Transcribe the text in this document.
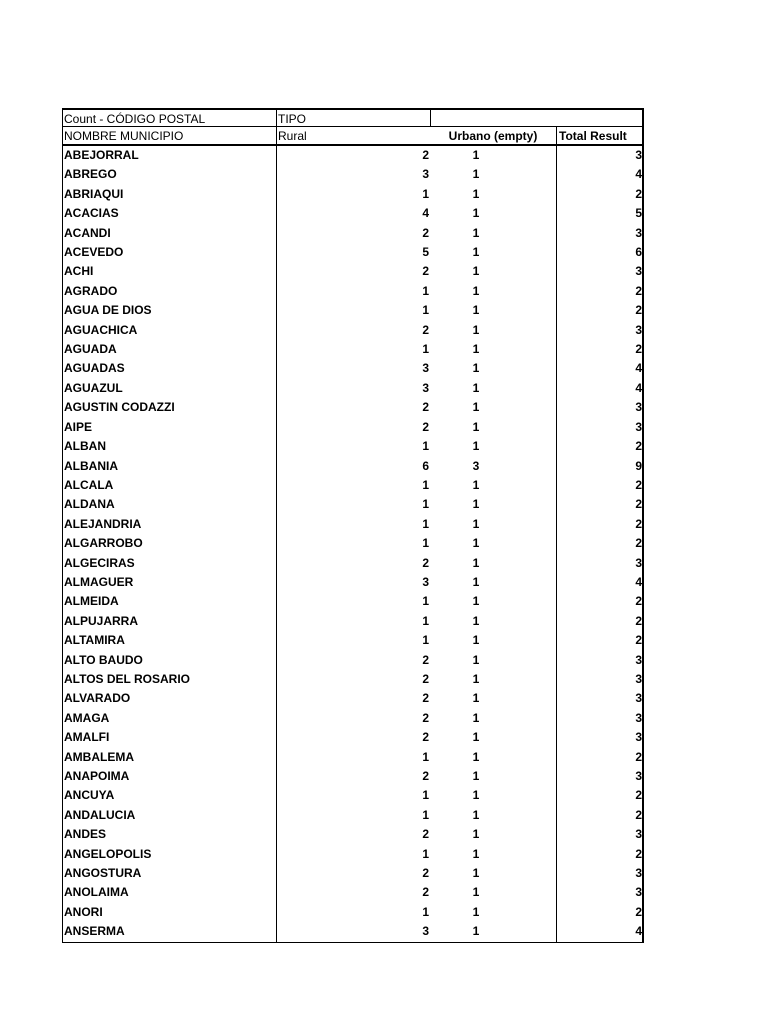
Count - CÓDIGO POSTAL	TIPO
NOMBRE MUNICIPIO	Rural	Urbano (empty)	Total Result
ABEJORRAL	2	1	3
ABREGO	3	1	4
ABRIAQUI	1	1	2
ACACIAS	4	1	5
ACANDI	2	1	3
ACEVEDO	5	1	6
ACHI	2	1	3
AGRADO	1	1	2
AGUA DE DIOS	1	1	2
AGUACHICA	2	1	3
AGUADA	1	1	2
AGUADAS	3	1	4
AGUAZUL	3	1	4
AGUSTIN CODAZZI	2	1	3
AIPE	2	1	3
ALBAN	1	1	2
ALBANIA	6	3	9
ALCALA	1	1	2
ALDANA	1	1	2
ALEJANDRIA	1	1	2
ALGARROBO	1	1	2
ALGECIRAS	2	1	3
ALMAGUER	3	1	4
ALMEIDA	1	1	2
ALPUJARRA	1	1	2
ALTAMIRA	1	1	2
ALTO BAUDO	2	1	3
ALTOS DEL ROSARIO	2	1	3
ALVARADO	2	1	3
AMAGA	2	1	3
AMALFI	2	1	3
AMBALEMA	1	1	2
ANAPOIMA	2	1	3
ANCUYA	1	1	2
ANDALUCIA	1	1	2
ANDES	2	1	3
ANGELOPOLIS	1	1	2
ANGOSTURA	2	1	3
ANOLAIMA	2	1	3
ANORI	1	1	2
ANSERMA	3	1	4
